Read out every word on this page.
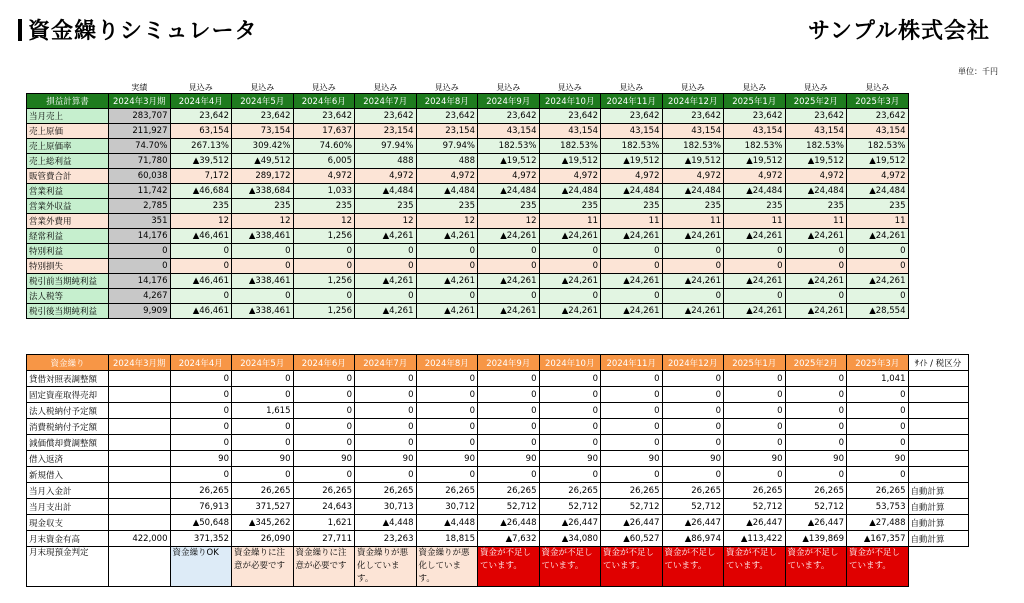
資金繰りシミュレータ	サンプル株式会社
単位：千円
	実績	見込み	見込み	見込み	見込み	見込み	見込み	見込み	見込み	見込み	見込み	見込み	見込み
損益計算書	2024年3月期	2024年4月	2024年5月	2024年6月	2024年7月	2024年8月	2024年9月	2024年10月	2024年11月	2024年12月	2025年1月	2025年2月	2025年3月
当月売上	283,707	23,642	23,642	23,642	23,642	23,642	23,642	23,642	23,642	23,642	23,642	23,642	23,642
売上原価	211,927	63,154	73,154	17,637	23,154	23,154	43,154	43,154	43,154	43,154	43,154	43,154	43,154
売上原価率	74.70%	267.13%	309.42%	74.60%	97.94%	97.94%	182.53%	182.53%	182.53%	182.53%	182.53%	182.53%	182.53%
売上総利益	71,780	▲39,512	▲49,512	6,005	488	488	▲19,512	▲19,512	▲19,512	▲19,512	▲19,512	▲19,512	▲19,512
販管費合計	60,038	7,172	289,172	4,972	4,972	4,972	4,972	4,972	4,972	4,972	4,972	4,972	4,972
営業利益	11,742	▲46,684	▲338,684	1,033	▲4,484	▲4,484	▲24,484	▲24,484	▲24,484	▲24,484	▲24,484	▲24,484	▲24,484
営業外収益	2,785	235	235	235	235	235	235	235	235	235	235	235	235
営業外費用	351	12	12	12	12	12	12	11	11	11	11	11	11
経常利益	14,176	▲46,461	▲338,461	1,256	▲4,261	▲4,261	▲24,261	▲24,261	▲24,261	▲24,261	▲24,261	▲24,261	▲24,261
特別利益	0	0	0	0	0	0	0	0	0	0	0	0	0
特別損失	0	0	0	0	0	0	0	0	0	0	0	0	0
税引前当期純利益	14,176	▲46,461	▲338,461	1,256	▲4,261	▲4,261	▲24,261	▲24,261	▲24,261	▲24,261	▲24,261	▲24,261	▲24,261
法人税等	4,267	0	0	0	0	0	0	0	0	0	0	0	0
税引後当期純利益	9,909	▲46,461	▲338,461	1,256	▲4,261	▲4,261	▲24,261	▲24,261	▲24,261	▲24,261	▲24,261	▲24,261	▲28,554
資金繰り	2024年3月期	2024年4月	2024年5月	2024年6月	2024年7月	2024年8月	2024年9月	2024年10月	2024年11月	2024年12月	2025年1月	2025年2月	2025年3月	ｻｲﾄ / 税区分
貸借対照表調整額		0	0	0	0	0	0	0	0	0	0	0	1,041	
固定資産取得売却		0	0	0	0	0	0	0	0	0	0	0	0	
法人税納付予定額		0	1,615	0	0	0	0	0	0	0	0	0	0	
消費税納付予定額		0	0	0	0	0	0	0	0	0	0	0	0	
減価償却費調整額		0	0	0	0	0	0	0	0	0	0	0	0	
借入返済		90	90	90	90	90	90	90	90	90	90	90	90	
新規借入		0	0	0	0	0	0	0	0	0	0	0	0	
当月入金計		26,265	26,265	26,265	26,265	26,265	26,265	26,265	26,265	26,265	26,265	26,265	26,265	自動計算
当月支出計		76,913	371,527	24,643	30,713	30,712	52,712	52,712	52,712	52,712	52,712	52,712	53,753	自動計算
現金収支		▲50,648	▲345,262	1,621	▲4,448	▲4,448	▲26,448	▲26,447	▲26,447	▲26,447	▲26,447	▲26,447	▲27,488	自動計算
月末資金有高	422,000	371,352	26,090	27,711	23,263	18,815	▲7,632	▲34,080	▲60,527	▲86,974	▲113,422	▲139,869	▲167,357	自動計算
月末現預金判定		資金繰りOK	資金繰りに注意が必要です	資金繰りに注意が必要です	資金繰りが悪化しています。	資金繰りが悪化しています。	資金が不足しています。	資金が不足しています。	資金が不足しています。	資金が不足しています。	資金が不足しています。	資金が不足しています。	資金が不足しています。	
